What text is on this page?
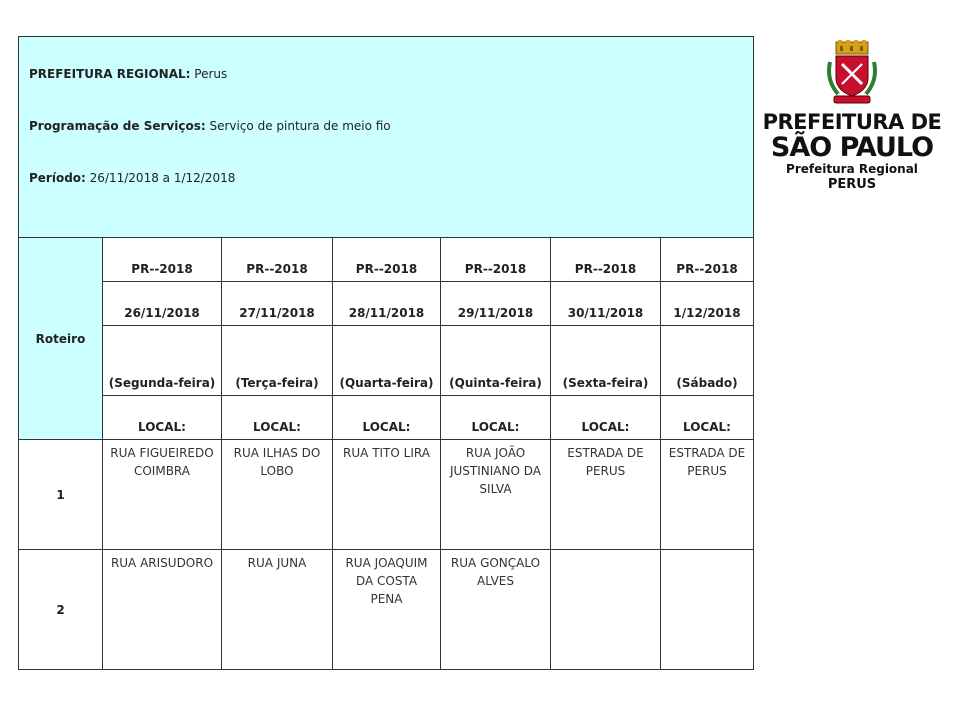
PREFEITURA REGIONAL: Perus
Programação de Serviços: Serviço de pintura de meio fio
Período: 26/11/2018 a 1/12/2018						

Roteiro	PR--2018	PR--2018	PR--2018	PR--2018	PR--2018	PR--2018
	26/11/2018	27/11/2018	28/11/2018	29/11/2018	30/11/2018	1/12/2018
	(Segunda-feira)	(Terça-feira)	(Quarta-feira)	(Quinta-feira)	(Sexta-feira)	(Sábado)
	LOCAL:	LOCAL:	LOCAL:	LOCAL:	LOCAL:	LOCAL:
1	RUA FIGUEIREDO COIMBRA	RUA ILHAS DO LOBO	RUA TITO LIRA	RUA JOÃO JUSTINIANO DA SILVA	ESTRADA DE PERUS	ESTRADA DE PERUS
2	RUA ARISUDORO	RUA JUNA	RUA JOAQUIM DA COSTA PENA	RUA GONÇALO ALVES		
PREFEITURA DE
SÃO PAULO
Prefeitura Regional
PERUS
